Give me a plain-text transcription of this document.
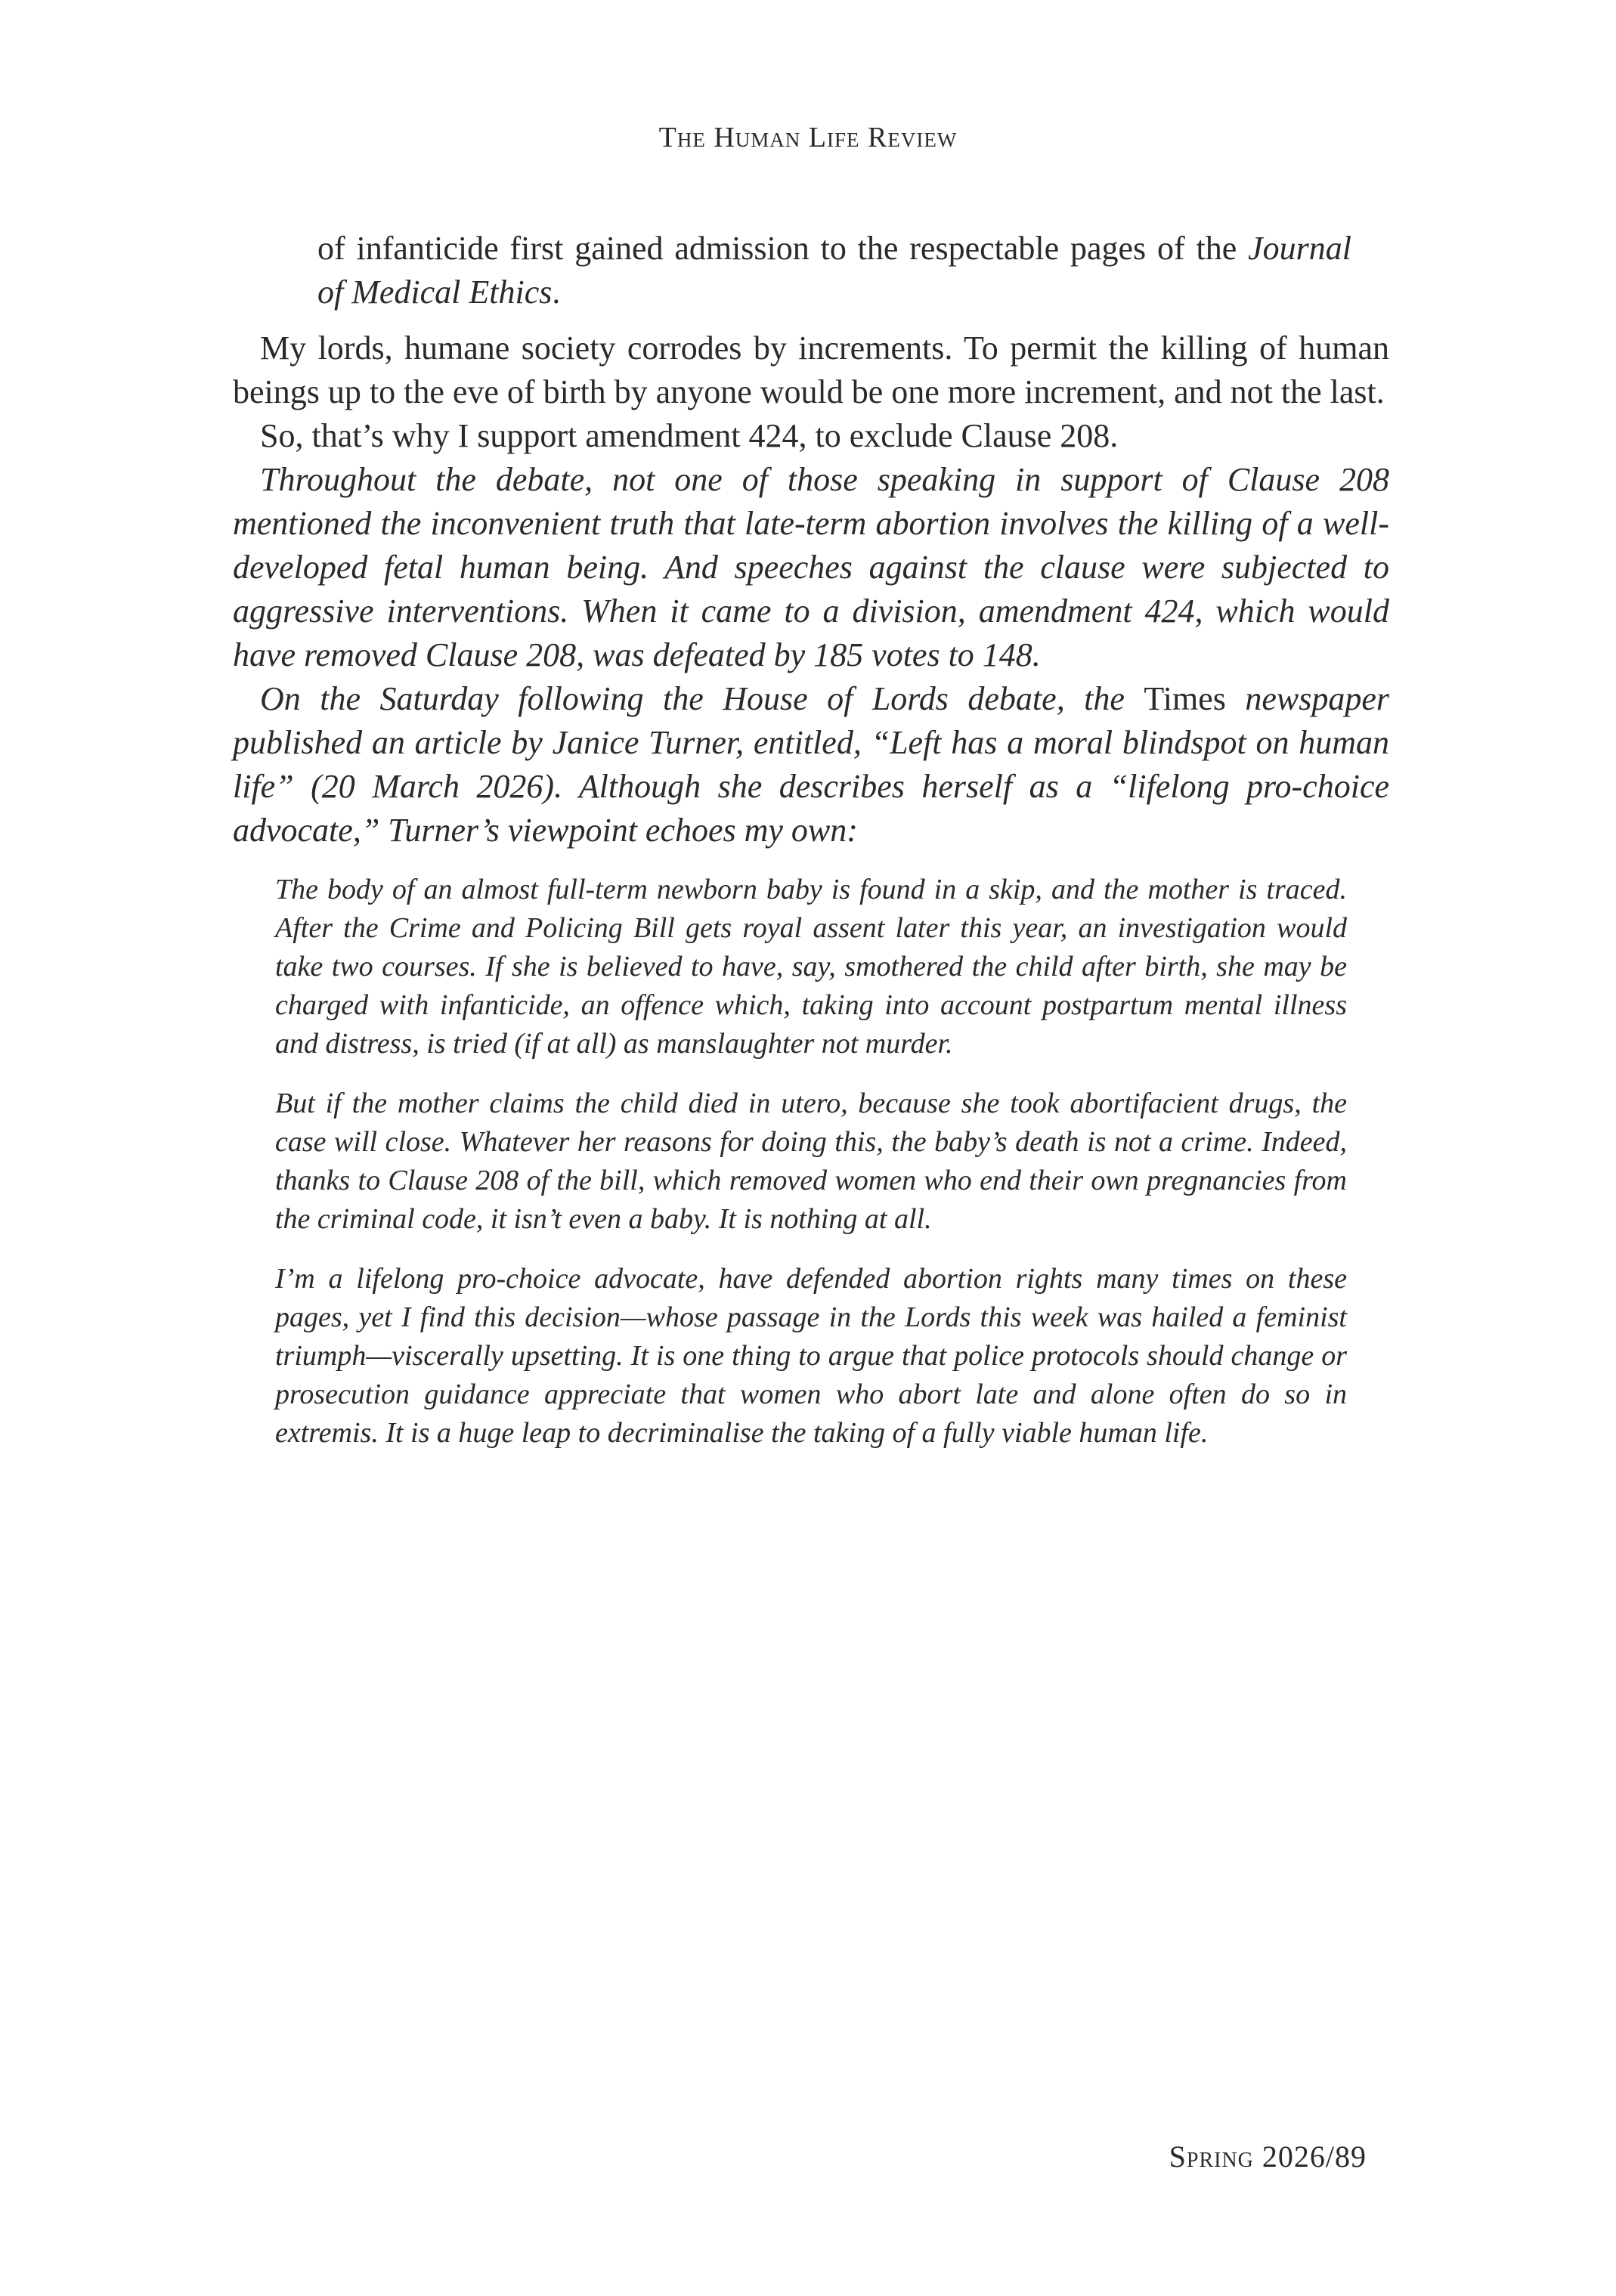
The Human Life Review

of infanticide first gained admission to the respectable pages of the Journal of Medical Ethics.

My lords, humane society corrodes by increments. To permit the killing of human beings up to the eve of birth by anyone would be one more increment, and not the last.

So, that’s why I support amendment 424, to exclude Clause 208.

Throughout the debate, not one of those speaking in support of Clause 208 mentioned the inconvenient truth that late-term abortion involves the killing of a well-developed fetal human being. And speeches against the clause were subjected to aggressive interventions. When it came to a division, amendment 424, which would have removed Clause 208, was defeated by 185 votes to 148.

On the Saturday following the House of Lords debate, the Times newspaper published an article by Janice Turner, entitled, “Left has a moral blindspot on human life” (20 March 2026). Although she describes herself as a “lifelong pro-choice advocate,” Turner’s viewpoint echoes my own:

The body of an almost full-term newborn baby is found in a skip, and the mother is traced. After the Crime and Policing Bill gets royal assent later this year, an investigation would take two courses. If she is believed to have, say, smothered the child after birth, she may be charged with infanticide, an offence which, taking into account postpartum mental illness and distress, is tried (if at all) as manslaughter not murder.

But if the mother claims the child died in utero, because she took abortifacient drugs, the case will close. Whatever her reasons for doing this, the baby’s death is not a crime. Indeed, thanks to Clause 208 of the bill, which removed women who end their own pregnancies from the criminal code, it isn’t even a baby. It is nothing at all.

I’m a lifelong pro-choice advocate, have defended abortion rights many times on these pages, yet I find this decision—whose passage in the Lords this week was hailed a feminist triumph—viscerally upsetting. It is one thing to argue that police protocols should change or prosecution guidance appreciate that women who abort late and alone often do so in extremis. It is a huge leap to decriminalise the taking of a fully viable human life.

Spring 2026/89
